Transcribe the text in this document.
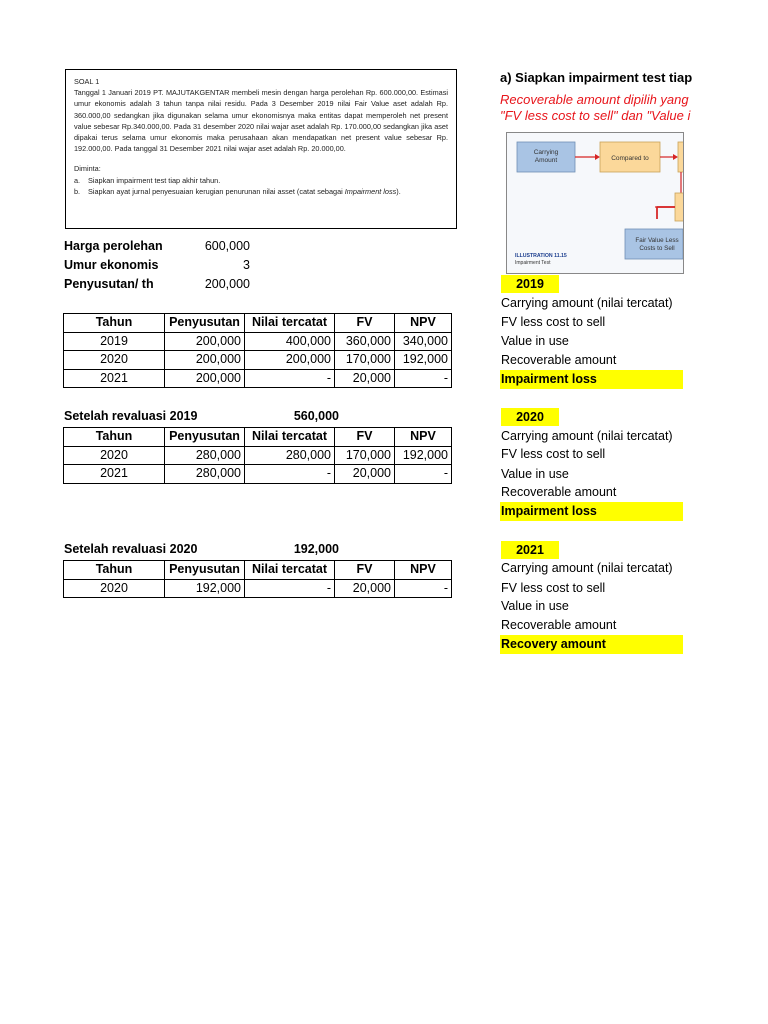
SOAL 1

Tanggal 1 Januari 2019 PT. MAJUTAKGENTAR membeli mesin dengan harga perolehan Rp. 600.000,00. Estimasi umur ekonomis adalah 3 tahun tanpa nilai residu. Pada 3 Desember 2019 nilai Fair Value aset adalah Rp. 360.000,00 sedangkan jika digunakan selama umur ekonomisnya maka entitas dapat memperoleh net present value sebesar Rp.340.000,00. Pada 31 desember 2020 nilai wajar aset adalah Rp. 170.000,00 sedangkan jika aset dipakai terus selama umur ekonomis maka perusahaan akan mendapatkan net present value sebesar Rp. 192.000,00. Pada tanggal 31 Desember 2021 nilai wajar aset adalah Rp. 20.000,00.

Diminta:

a.	Siapkan impairment test tiap akhir tahun.
b.	Siapkan ayat jurnal penyesuaian kerugian penurunan nilai asset (catat sebagai Impairment loss).
Harga perolehan	600,000
Umur ekonomis	3
Penyusutan/ th	200,000
Tahun	Penyusutan	Nilai tercatat	FV	NPV
2019	200,000	400,000	360,000	340,000
2020	200,000	200,000	170,000	192,000
2021	200,000	-	20,000	-
Setelah revaluasi 2019	560,000
Tahun	Penyusutan	Nilai tercatat	FV	NPV
2020	280,000	280,000	170,000	192,000
2021	280,000	-	20,000	-
Setelah revaluasi 2020	192,000
Tahun	Penyusutan	Nilai tercatat	FV	NPV
2020	192,000	-	20,000	-
a) Siapkan impairment test tiap
Recoverable amount dipilih yang
"FV less cost to sell" dan "Value i
Carrying
Amount	Compared to
Fair Value Less
Costs to Sell
ILLUSTRATION 11.15
Impairment Test
2019
Carrying amount (nilai tercatat)
FV less cost to sell
Value in use
Recoverable amount
Impairment loss
2020
Carrying amount (nilai tercatat)
FV less cost to sell
Value in use
Recoverable amount
Impairment loss
2021
Carrying amount (nilai tercatat)
FV less cost to sell
Value in use
Recoverable amount
Recovery amount
